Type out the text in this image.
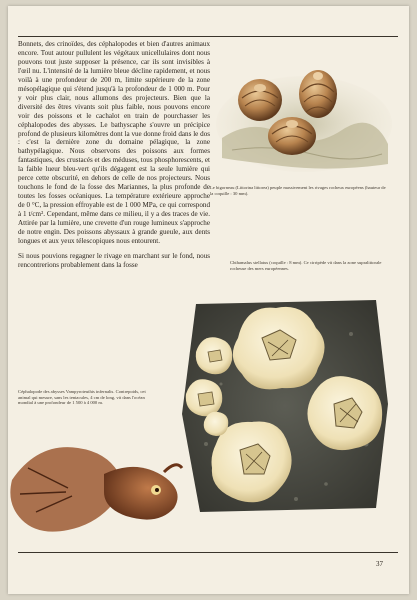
Bonnets, des crinoïdes, des céphalopodes et bien d'autres animaux encore. Tout autour pullulent les végétaux unicellulaires dont nous pouvons tout juste supposer la présence, car ils sont invisibles à l'œil nu. L'intensité de la lumière bleue décline rapidement, et nous voilà à une profondeur de 200 m, limite supérieure de la zone mésopélagique qui s'étend jusqu'à la profondeur de 1 000 m. Pour y voir plus clair, nous allumons des projecteurs. Bien que la diversité des êtres vivants soit plus faible, nous pouvons encore voir des poissons et le cachalot en train de pourchasser les céphalopodes des abysses. Le bathyscaphe s'ouvre un précipice profond de plusieurs kilomètres dont la vue donne froid dans le dos : c'est la dernière zone du domaine pélagique, la zone bathypélagique. Nous observons des poissons aux formes fantastiques, des crustacés et des méduses, tous phosphorescents, et la faible lueur bleu-vert qu'ils dégagent est la seule lumière qui perce cette obscurité, en dehors de celle de nos projecteurs. Nous touchons le fond de la fosse des Mariannes, la plus profonde de toutes les fosses océaniques. La température extérieure approche de 0 °C, la pression effroyable est de 1 000 MPa, ce qui correspond à 1 t/cm². Cependant, même dans ce milieu, il y a des traces de vie. Attirée par la lumière, une crevette d'un rouge lumineux s'approche de notre engin. Des poissons abyssaux à grande gueule, aux dents longues et aux yeux télescopiques nous entourent.

Si nous pouvions regagner le rivage en marchant sur le fond, nous rencontrerions probablement dans la fosse

Le bigorneau (Littorina littorea) peuple massivement les rivages rocheux européens (hauteur de la coquille : 30 mm).
Chthamalus stellatus (coquille : 8 mm). Ce cirripède vit dans la zone supralittorale rocheuse des mers européennes.
Céphalopode des abysses Vampyroteuthis infernalis. Contrepoids, cet animal qui mesure, sans les tentacules, 4 cm de long, vit dans l'océan mondial à une profondeur de 1 500 à 4 000 m.
37
